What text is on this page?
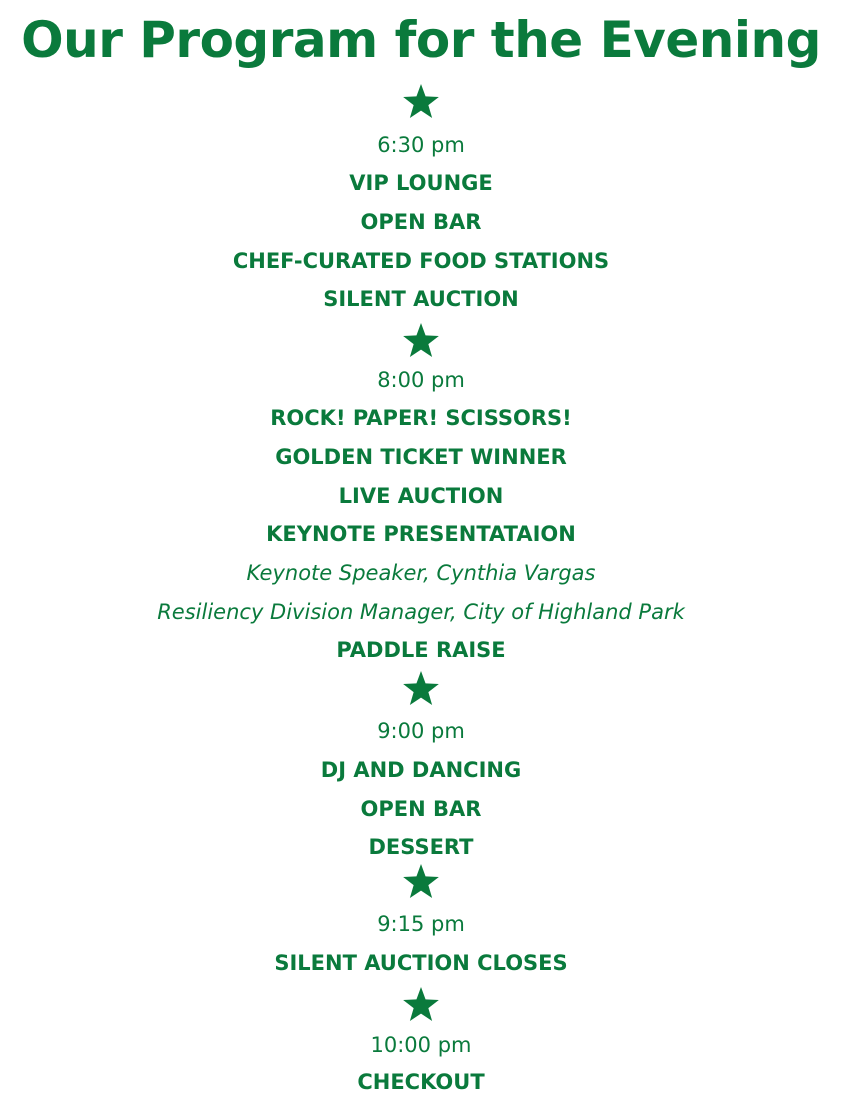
Our Program for the Evening
6:30 pm
VIP LOUNGE
OPEN BAR
CHEF-CURATED FOOD STATIONS
SILENT AUCTION
8:00 pm
ROCK! PAPER! SCISSORS!
GOLDEN TICKET WINNER
LIVE AUCTION
KEYNOTE PRESENTATAION
Keynote Speaker, Cynthia Vargas
Resiliency Division Manager, City of Highland Park
PADDLE RAISE
9:00 pm
DJ AND DANCING
OPEN BAR
DESSERT
9:15 pm
SILENT AUCTION CLOSES
10:00 pm
CHECKOUT
